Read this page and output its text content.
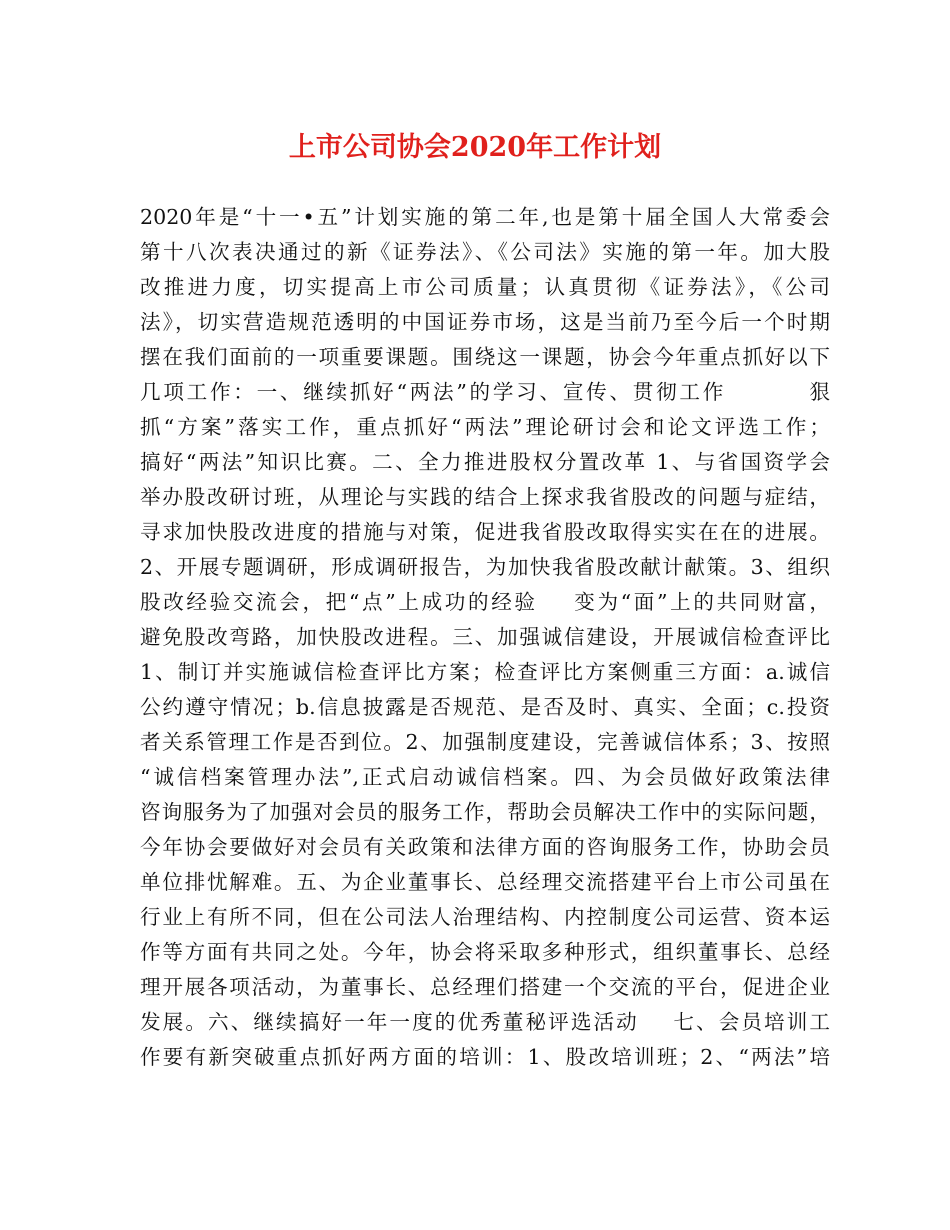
上市公司协会2020年工作计划
2020年是“十一•五”计划实施的第二年,也是第十届全国人大常委会
第十八次表决通过的新《证券法》、《公司法》实施的第一年。加大股
改推进力度，切实提高上市公司质量；认真贯彻《证券法》，《公司
法》，切实营造规范透明的中国证券市场，这是当前乃至今后一个时期
摆在我们面前的一项重要课题。围绕这一课题，协会今年重点抓好以下
几项工作：一、继续抓好“两法”的学习、宣传、贯彻工作         狠
抓“方案”落实工作，重点抓好“两法”理论研讨会和论文评选工作；
搞好“两法”知识比赛。二、全力推进股权分置改革 1、与省国资学会
举办股改研讨班，从理论与实践的结合上探求我省股改的问题与症结，
寻求加快股改进度的措施与对策，促进我省股改取得实实在在的进展。
2、开展专题调研，形成调研报告，为加快我省股改献计献策。3、组织
股改经验交流会，把“点”上成功的经验    变为“面”上的共同财富，
避免股改弯路，加快股改进程。三、加强诚信建设，开展诚信检查评比
1、制订并实施诚信检查评比方案；检查评比方案侧重三方面：a.诚信
公约遵守情况；b.信息披露是否规范、是否及时、真实、全面；c.投资
者关系管理工作是否到位。2、加强制度建设，完善诚信体系；3、按照
“诚信档案管理办法”,正式启动诚信档案。四、为会员做好政策法律
咨询服务为了加强对会员的服务工作，帮助会员解决工作中的实际问题，
今年协会要做好对会员有关政策和法律方面的咨询服务工作，协助会员
单位排忧解难。五、为企业董事长、总经理交流搭建平台上市公司虽在
行业上有所不同，但在公司法人治理结构、内控制度公司运营、资本运
作等方面有共同之处。今年，协会将采取多种形式，组织董事长、总经
理开展各项活动，为董事长、总经理们搭建一个交流的平台，促进企业
发展。六、继续搞好一年一度的优秀董秘评选活动    七、会员培训工
作要有新突破重点抓好两方面的培训：1、股改培训班；2、“两法”培
